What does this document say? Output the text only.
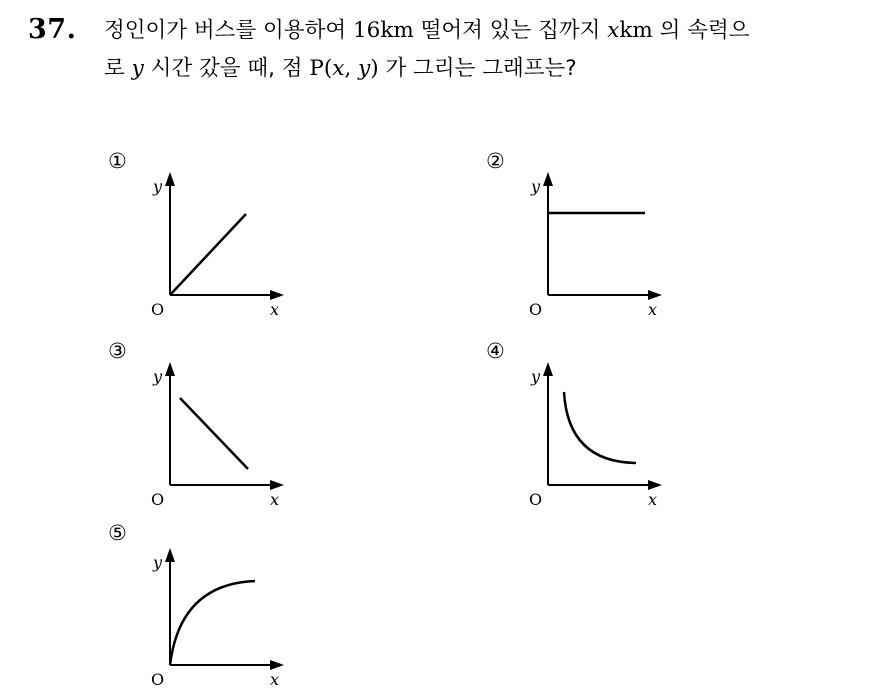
37. 정인이가 버스를 이용하여 16km 떨어져 있는 집까지 xkm 의 속력으
로 y 시간 갔을 때, 점 P(x, y) 가 그리는 그래프는?
①
y
x
O
②
y
x
O
③
y
x
O
④
y
x
O
⑤
y
x
O
